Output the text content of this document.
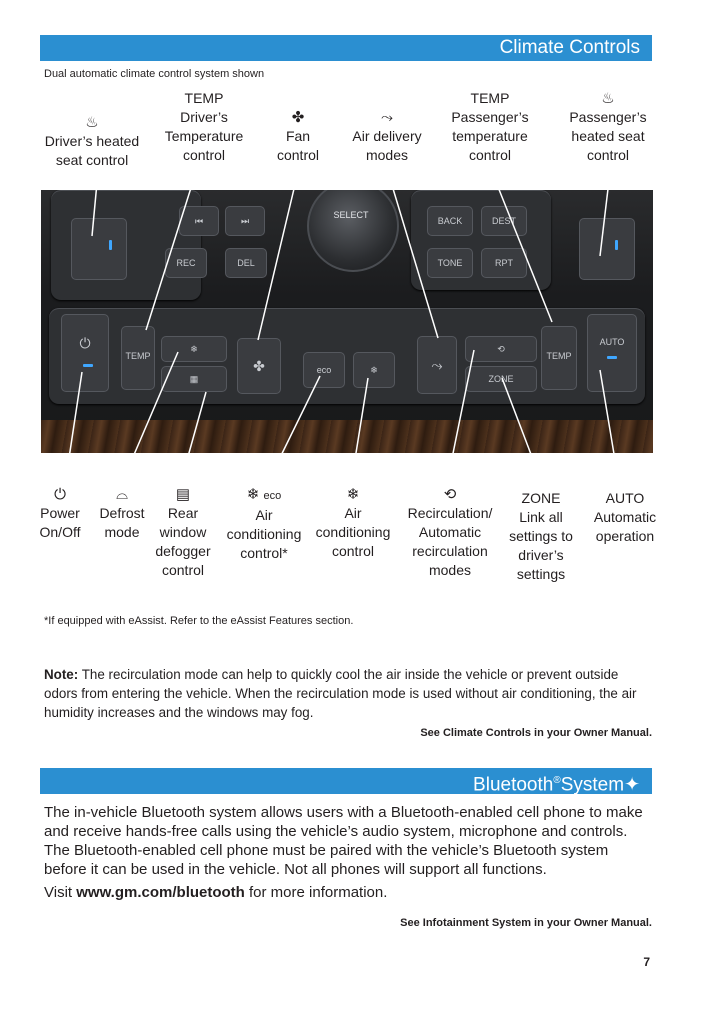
Climate Controls
Dual automatic climate control system shown
♨
Driver’s heated
seat control
TEMP
Driver’s
Temperature
control
✤
Fan
control
⤳
Air delivery
modes
TEMP
Passenger’s
temperature
control
♨
Passenger’s
heated seat
control
SELECT
⏮	⏭
REC	DEL
BACK	DEST
TONE	RPT
⏻
TEMP
❄
▦
✤	eco	❄	⤳
⟲
ZONE
TEMP
AUTO
⏻
Power
On/Off
⌓
Defrost
mode
▤
Rear
window
defogger
control
❄ eco
Air
conditioning
control*
❄
Air
conditioning
control
⟲
Recirculation/
Automatic
recirculation
modes
ZONE
Link all
settings to
driver’s
settings
AUTO
Automatic
operation
*If equipped with eAssist. Refer to the eAssist Features section.
Note: The recirculation mode can help to quickly cool the air inside the vehicle or prevent outside odors from entering the vehicle. When the recirculation mode is used without air conditioning, the air humidity increases and the windows may fog.
See Climate Controls in your Owner Manual.
Bluetooth®System✦
The in-vehicle Bluetooth system allows users with a Bluetooth-enabled cell phone to make and receive hands-free calls using the vehicle’s audio system, microphone and controls. The Bluetooth-enabled cell phone must be paired with the vehicle’s Bluetooth system before it can be used in the vehicle. Not all phones will support all functions.
Visit www.gm.com/bluetooth for more information.
See Infotainment System in your Owner Manual.
7
